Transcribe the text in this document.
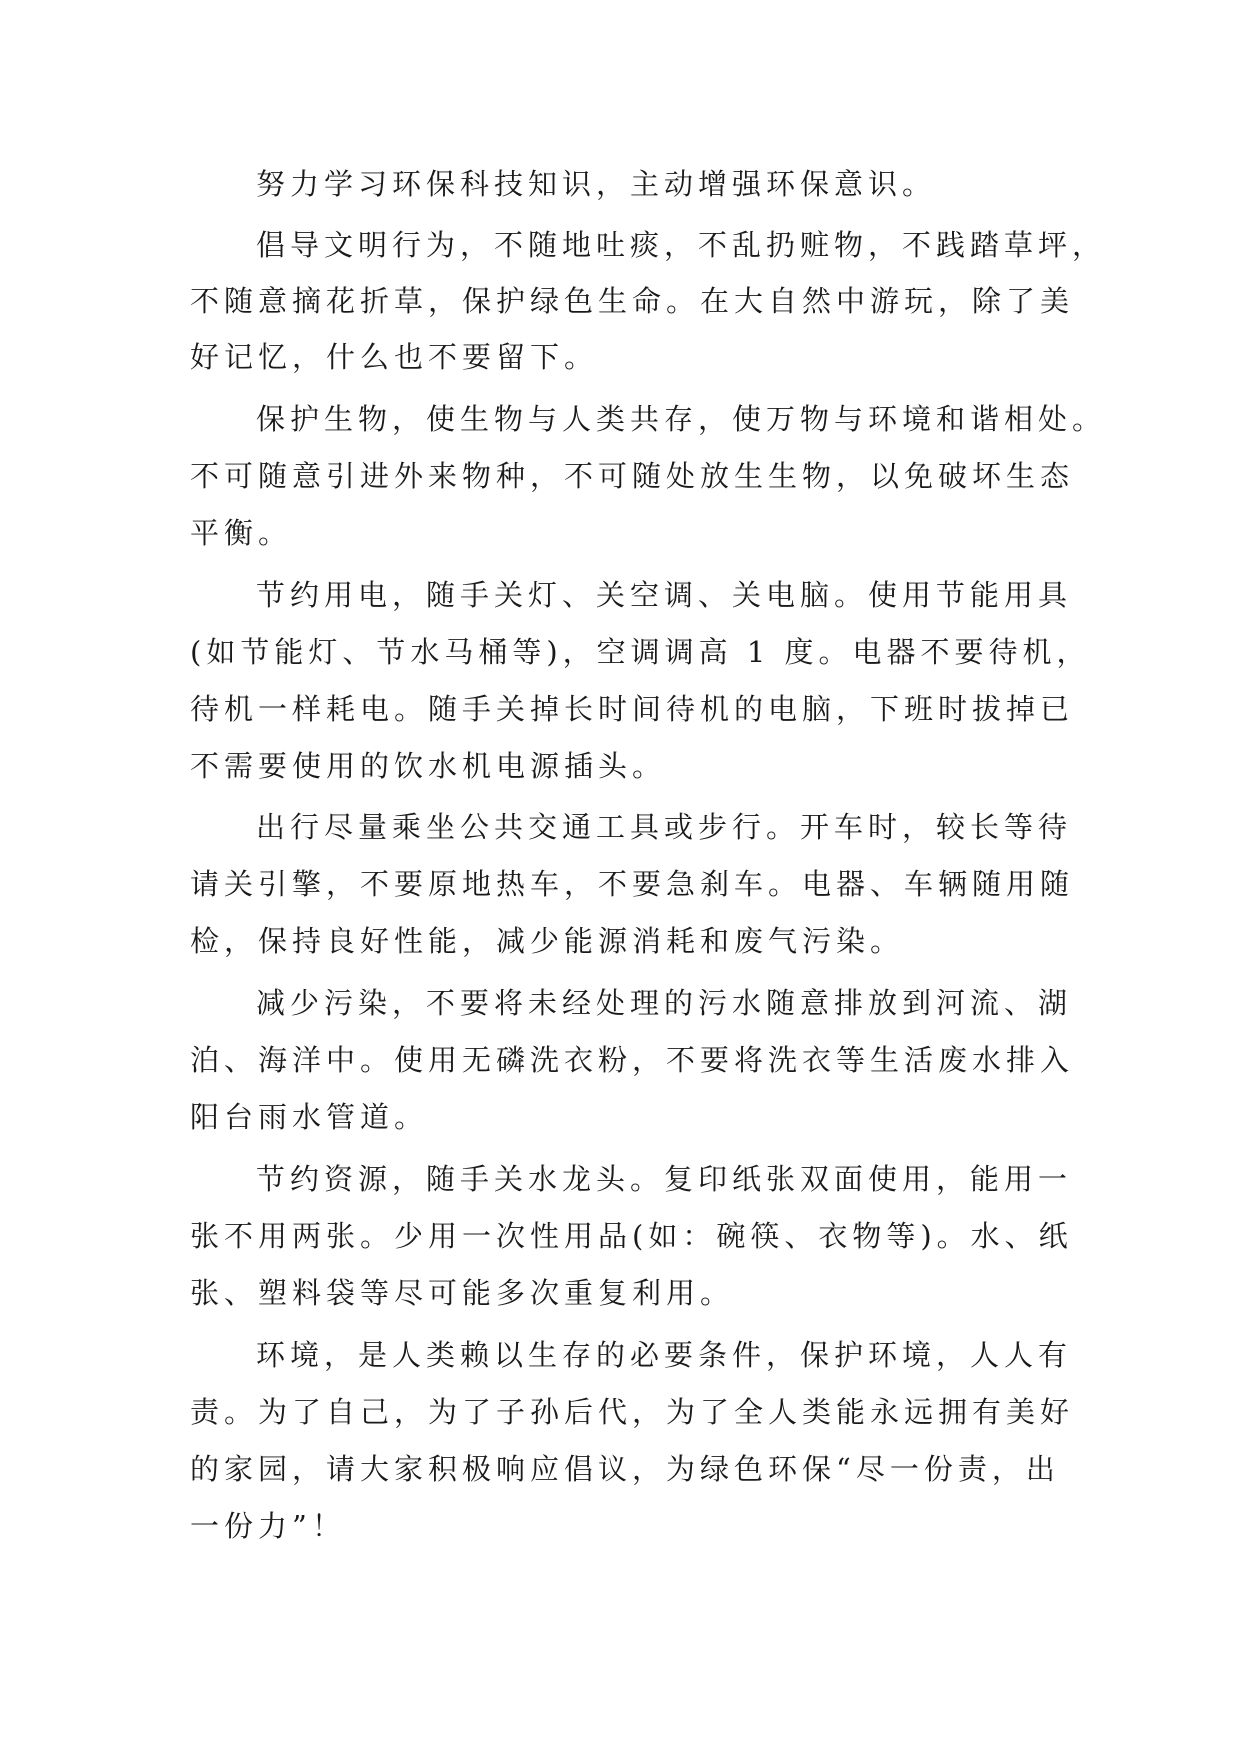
努力学习环保科技知识，主动增强环保意识。
倡导文明行为，不随地吐痰，不乱扔赃物，不践踏草坪，
不随意摘花折草，保护绿色生命。在大自然中游玩，除了美
好记忆，什么也不要留下。
保护生物，使生物与人类共存，使万物与环境和谐相处。
不可随意引进外来物种，不可随处放生生物，以免破坏生态
平衡。
节约用电，随手关灯、关空调、关电脑。使用节能用具
(如节能灯、节水马桶等)，空调调高 1 度。电器不要待机，
待机一样耗电。随手关掉长时间待机的电脑，下班时拔掉已
不需要使用的饮水机电源插头。
出行尽量乘坐公共交通工具或步行。开车时，较长等待
请关引擎，不要原地热车，不要急刹车。电器、车辆随用随
检，保持良好性能，减少能源消耗和废气污染。
减少污染，不要将未经处理的污水随意排放到河流、湖
泊、海洋中。使用无磷洗衣粉，不要将洗衣等生活废水排入
阳台雨水管道。
节约资源，随手关水龙头。复印纸张双面使用，能用一
张不用两张。少用一次性用品(如：碗筷、衣物等)。水、纸
张、塑料袋等尽可能多次重复利用。
环境，是人类赖以生存的必要条件，保护环境，人人有
责。为了自己，为了子孙后代，为了全人类能永远拥有美好
的家园，请大家积极响应倡议，为绿色环保“尽一份责，出
一份力”！
